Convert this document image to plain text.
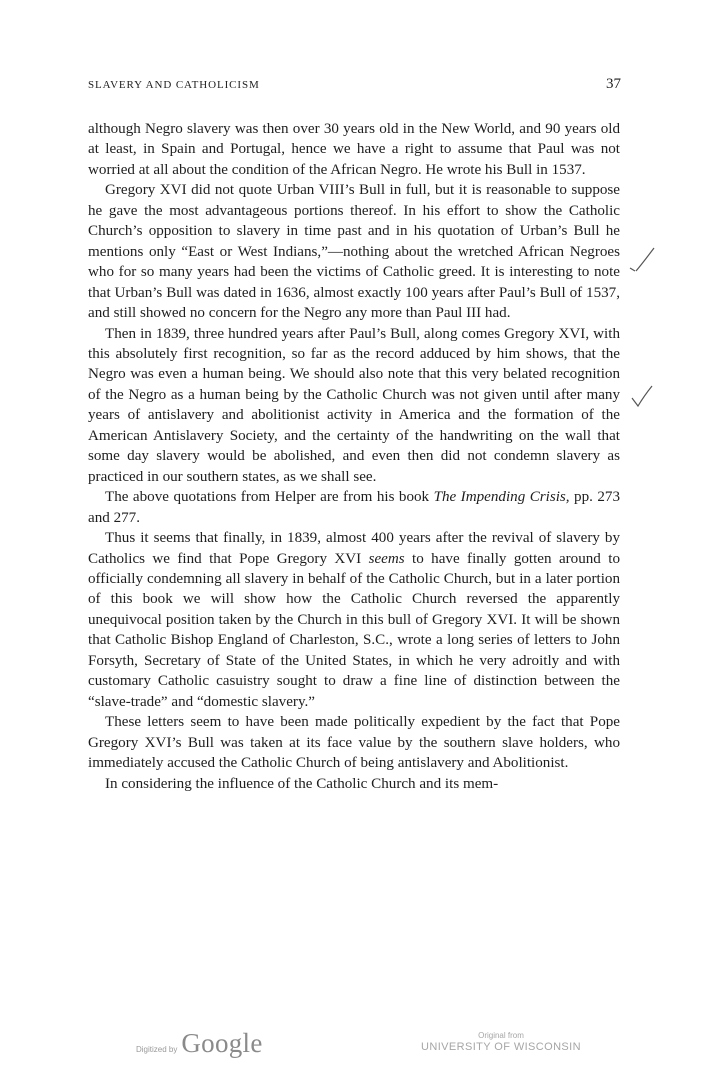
SLAVERY AND CATHOLICISM	37

although Negro slavery was then over 30 years old in the New World, and 90 years old at least, in Spain and Portugal, hence we have a right to assume that Paul was not worried at all about the condition of the African Negro. He wrote his Bull in 1537.

Gregory XVI did not quote Urban VIII’s Bull in full, but it is reasonable to suppose he gave the most advantageous portions thereof. In his effort to show the Catholic Church’s opposition to slavery in time past and in his quotation of Urban’s Bull he mentions only “East or West Indians,”—nothing about the wretched African Negroes who for so many years had been the victims of Catholic greed. It is interesting to note that Urban’s Bull was dated in 1636, almost exactly 100 years after Paul’s Bull of 1537, and still showed no concern for the Negro any more than Paul III had.

Then in 1839, three hundred years after Paul’s Bull, along comes Gregory XVI, with this absolutely first recognition, so far as the record adduced by him shows, that the Negro was even a human being. We should also note that this very belated recognition of the Negro as a human being by the Catholic Church was not given until after many years of antislavery and abolitionist activity in America and the formation of the American Antislavery Society, and the certainty of the handwriting on the wall that some day slavery would be abolished, and even then did not condemn slavery as practiced in our southern states, as we shall see.

The above quotations from Helper are from his book The Impending Crisis, pp. 273 and 277.

Thus it seems that finally, in 1839, almost 400 years after the revival of slavery by Catholics we find that Pope Gregory XVI seems to have finally gotten around to officially condemning all slavery in behalf of the Catholic Church, but in a later portion of this book we will show how the Catholic Church reversed the apparently unequivocal position taken by the Church in this bull of Gregory XVI. It will be shown that Catholic Bishop England of Charleston, S.C., wrote a long series of letters to John Forsyth, Secretary of State of the United States, in which he very adroitly and with customary Catholic casuistry sought to draw a fine line of distinction between the “slave-trade” and “domestic slavery.”

These letters seem to have been made politically expedient by the fact that Pope Gregory XVI’s Bull was taken at its face value by the southern slave holders, who immediately accused the Catholic Church of being antislavery and Abolitionist.

In considering the influence of the Catholic Church and its mem-

Digitized by Google	Original from
UNIVERSITY OF WISCONSIN
